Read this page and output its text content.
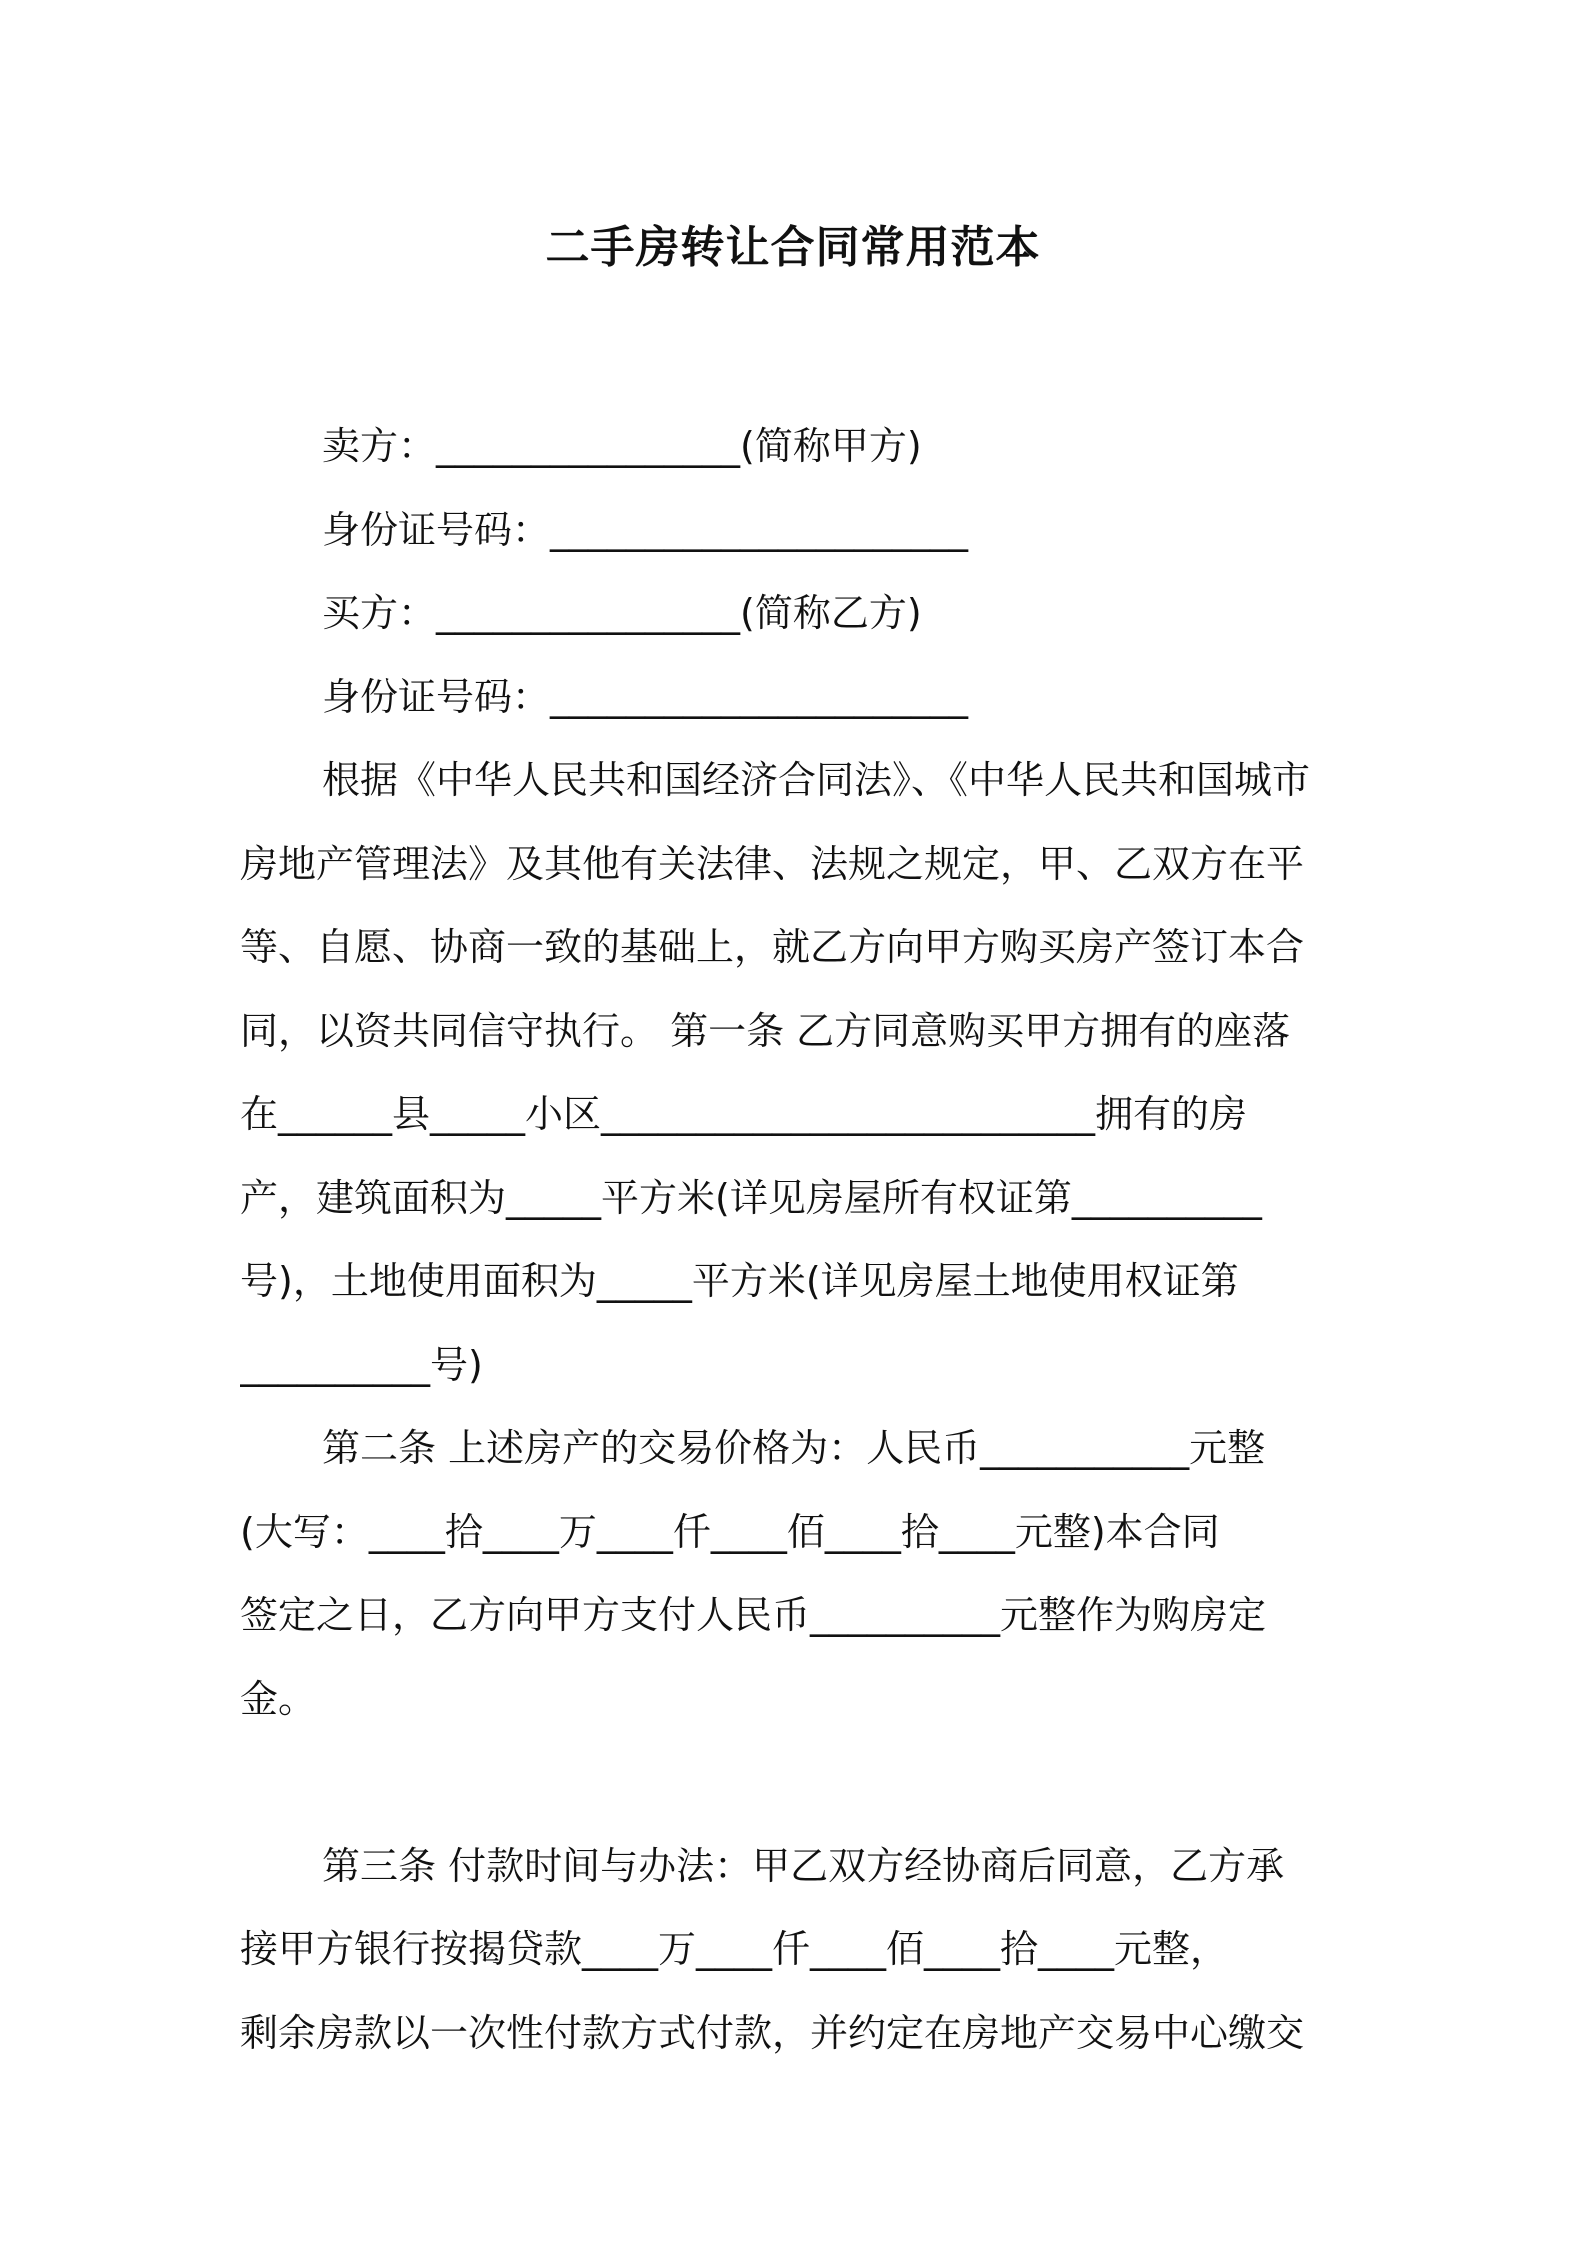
二手房转让合同常用范本

卖方：________________(简称甲方)

身份证号码：______________________

买方：________________(简称乙方)

身份证号码：______________________

根据《中华人民共和国经济合同法》、《中华人民共和国城市

房地产管理法》及其他有关法律、法规之规定，甲、乙双方在平

等、自愿、协商一致的基础上，就乙方向甲方购买房产签订本合

同，以资共同信守执行。 第一条 乙方同意购买甲方拥有的座落

在______县_____小区__________________________拥有的房

产，建筑面积为_____平方米(详见房屋所有权证第__________

号)，土地使用面积为_____平方米(详见房屋土地使用权证第

__________号)

第二条 上述房产的交易价格为：人民币___________元整

(大写：____拾____万____仟____佰____拾____元整)本合同

签定之日，乙方向甲方支付人民币__________元整作为购房定

金。

第三条 付款时间与办法：甲乙双方经协商后同意，乙方承

接甲方银行按揭贷款____万____仟____佰____拾____元整，

剩余房款以一次性付款方式付款，并约定在房地产交易中心缴交
